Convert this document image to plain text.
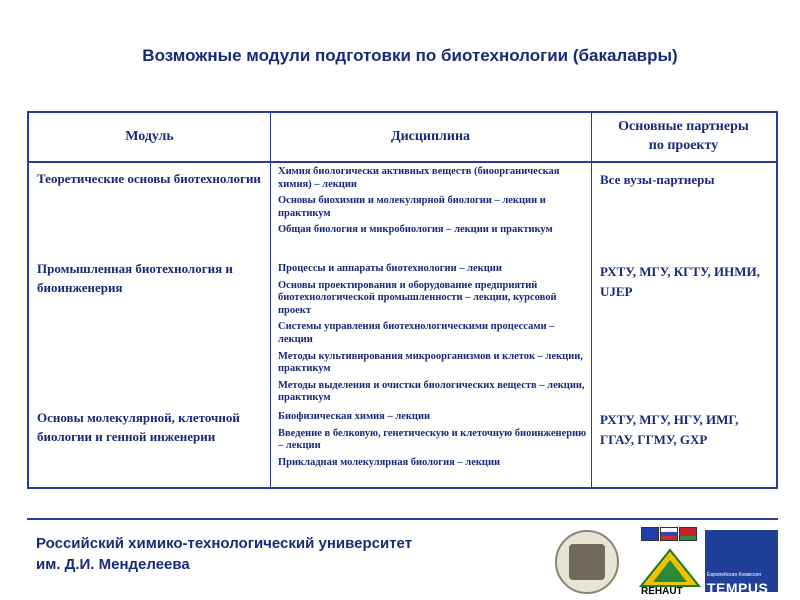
Возможные модули подготовки по биотехнологии (бакалавры)
Модуль	Дисциплина
Основные партнеры по проекту
Теоретические основы биотехнологии	Химия биологически активных веществ (биоорганическая химия) – лекции
Основы биохимии и молекулярной биологии – лекции и практикум
Общая биология и микробиология – лекции и практикум
Все вузы-партнеры
Промышленная биотехнология и биоинженерия
Процессы и аппараты биотехнологии – лекции
Основы проектирования и оборудование предприятий биотехнологической промышленности – лекции, курсовой проект
Системы управления биотехнологическими процессами – лекции
Методы культивирования микроорганизмов и клеток – лекции, практикум
Методы выделения и очистки биологических веществ – лекции, практикум
РХТУ, МГУ, КГТУ, ИНМИ, UJEP
Основы молекулярной, клеточной биологии и генной инженерии
Биофизическая химия – лекции
Введение в белковую, генетическую и клеточную биоинженерию – лекции
Прикладная молекулярная биология – лекции
РХТУ, МГУ, НГУ, ИМГ, ГГАУ, ГГМУ, GXP
Российский химико-технологический университет
им. Д.И. Менделеева
REHAUT
Европейская Комиссия
TEMPUS
